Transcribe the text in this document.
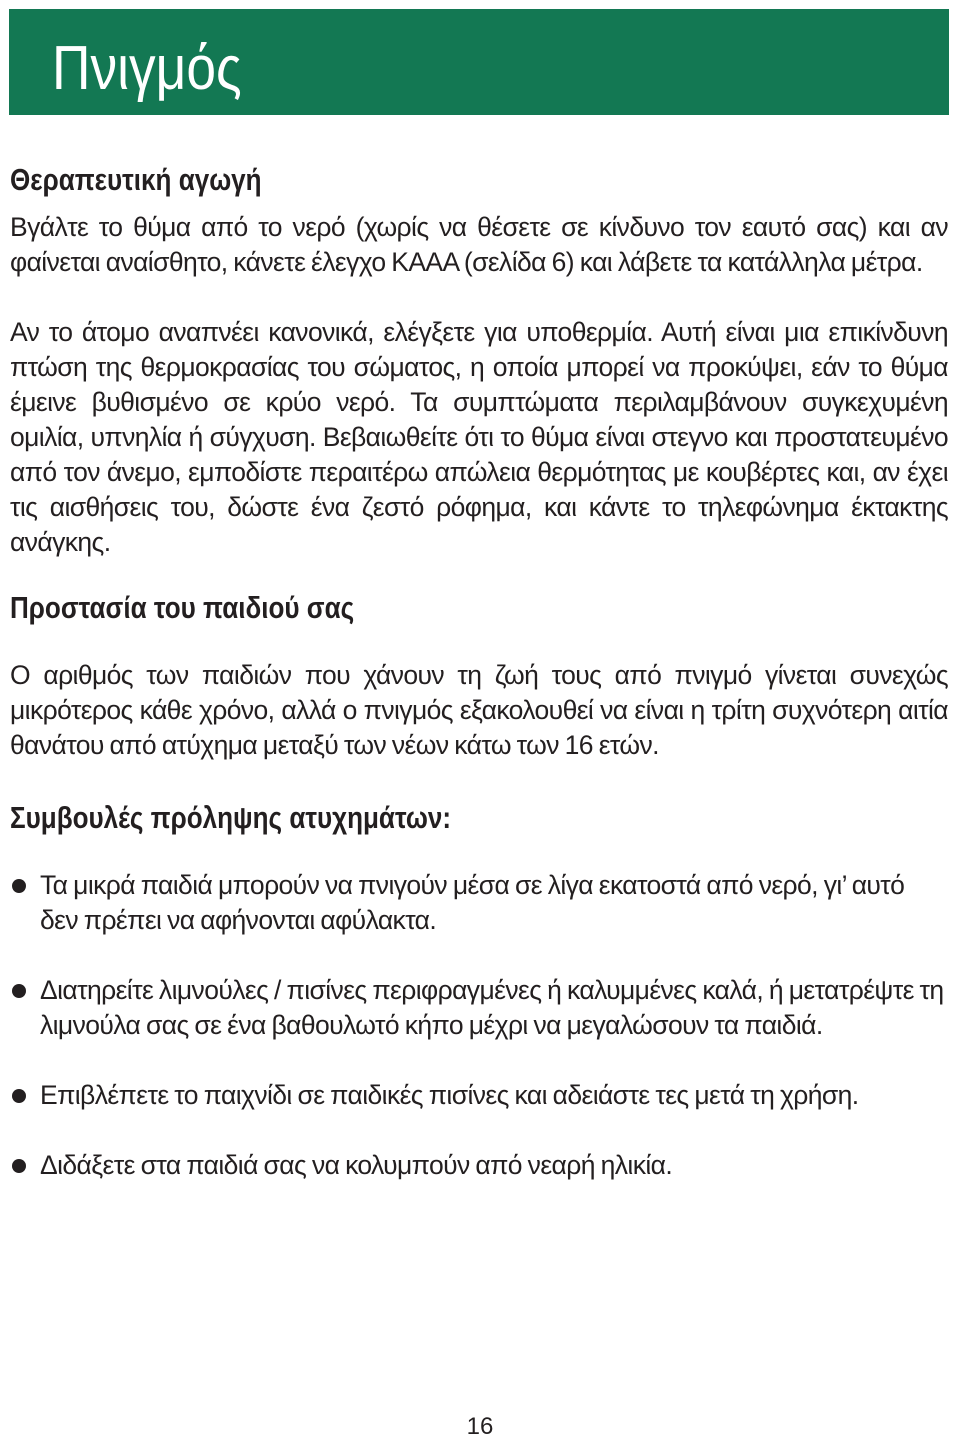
Πνιγμός
Θεραπευτική αγωγή

Βγάλτε το θύμα από το νερό (χωρίς να θέσετε σε κίνδυνο τον εαυτό σας) και αν φαίνεται αναίσθητο, κάνετε έλεγχο ΚΑΑΑ (σελίδα 6) και λάβετε τα κατάλληλα μέτρα.

Αν το άτομο αναπνέει κανονικά, ελέγξετε για υποθερμία. Αυτή είναι μια επικίνδυνη πτώση της θερμοκρασίας του σώματος, η οποία μπορεί να προκύψει, εάν το θύμα έμεινε βυθισμένο σε κρύο νερό. Τα συμπτώματα περιλαμβάνουν συγκεχυμένη ομιλία, υπνηλία ή σύγχυση. Βεβαιωθείτε ότι το θύμα είναι στεγνο και προστατευμένο από τον άνεμο, εμποδίστε περαιτέρω απώλεια θερμότητας με κουβέρτες και, αν έχει τις αισθήσεις του, δώστε ένα ζεστό ρόφημα, και κάντε το τηλεφώνημα έκτακτης ανάγκης.

Προστασία του παιδιού σας

Ο αριθμός των παιδιών που χάνουν τη ζωή τους από πνιγμό γίνεται συνεχώς μικρότερος κάθε χρόνο, αλλά ο πνιγμός εξακολουθεί να είναι η τρίτη συχνότερη αιτία θανάτου από ατύχημα μεταξύ των νέων κάτω των 16 ετών.

Συμβουλές πρόληψης ατυχημάτων:
Τα μικρά παιδιά μπορούν να πνιγούν μέσα σε λίγα εκατοστά από νερό, γι’ αυτό δεν πρέπει να αφήνονται αφύλακτα.
Διατηρείτε λιμνούλες / πισίνες περιφραγμένες ή καλυμμένες καλά, ή μετατρέψτε τη λιμνούλα σας σε ένα βαθουλωτό κήπο μέχρι να μεγαλώσουν τα παιδιά.
Επιβλέπετε το παιχνίδι σε παιδικές πισίνες και αδειάστε τες μετά τη χρήση.
Διδάξετε στα παιδιά σας να κολυμπούν από νεαρή ηλικία.
16
